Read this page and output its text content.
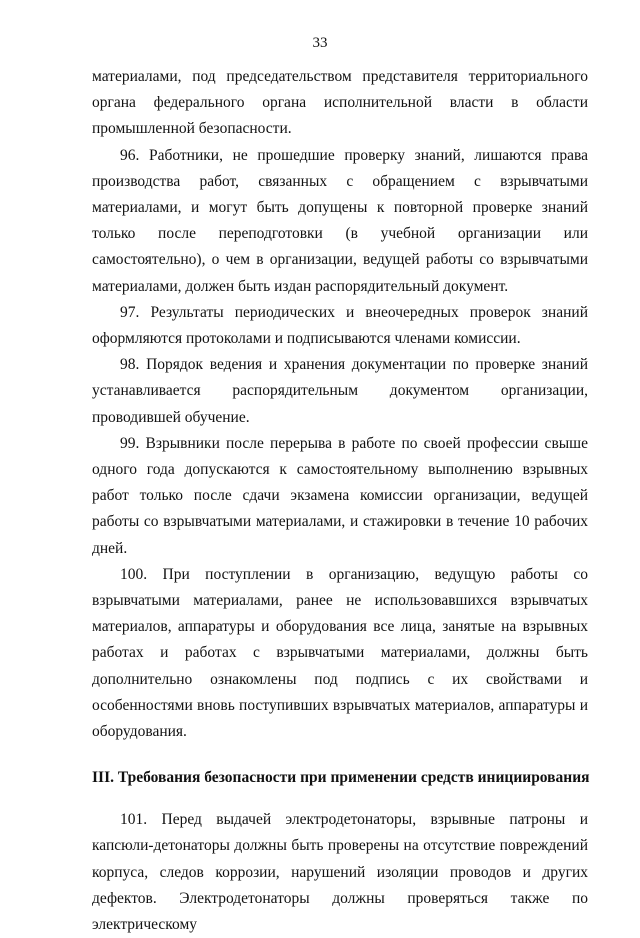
33

материалами, под председательством представителя территориального органа федерального органа исполнительной власти в области промышленной безопасности.

96. Работники, не прошедшие проверку знаний, лишаются права производства работ, связанных с обращением с взрывчатыми материалами, и могут быть допущены к повторной проверке знаний только после переподготовки (в учебной организации или самостоятельно), о чем в организации, ведущей работы со взрывчатыми материалами, должен быть издан распорядительный документ.

97. Результаты периодических и внеочередных проверок знаний оформляются протоколами и подписываются членами комиссии.

98. Порядок ведения и хранения документации по проверке знаний устанавливается распорядительным документом организации, проводившей обучение.

99. Взрывники после перерыва в работе по своей профессии свыше одного года допускаются к самостоятельному выполнению взрывных работ только после сдачи экзамена комиссии организации, ведущей работы со взрывчатыми материалами, и стажировки в течение 10 рабочих дней.

100. При поступлении в организацию, ведущую работы со взрывчатыми материалами, ранее не использовавшихся взрывчатых материалов, аппаратуры и оборудования все лица, занятые на взрывных работах и работах с взрывчатыми материалами, должны быть дополнительно ознакомлены под подпись с их свойствами и особенностями вновь поступивших взрывчатых материалов, аппаратуры и оборудования.

III. Требования безопасности при применении средств инициирования

101. Перед выдачей электродетонаторы, взрывные патроны и капсюли-детонаторы должны быть проверены на отсутствие повреждений корпуса, следов коррозии, нарушений изоляции проводов и других дефектов. Электродетонаторы должны проверяться также по электрическому
